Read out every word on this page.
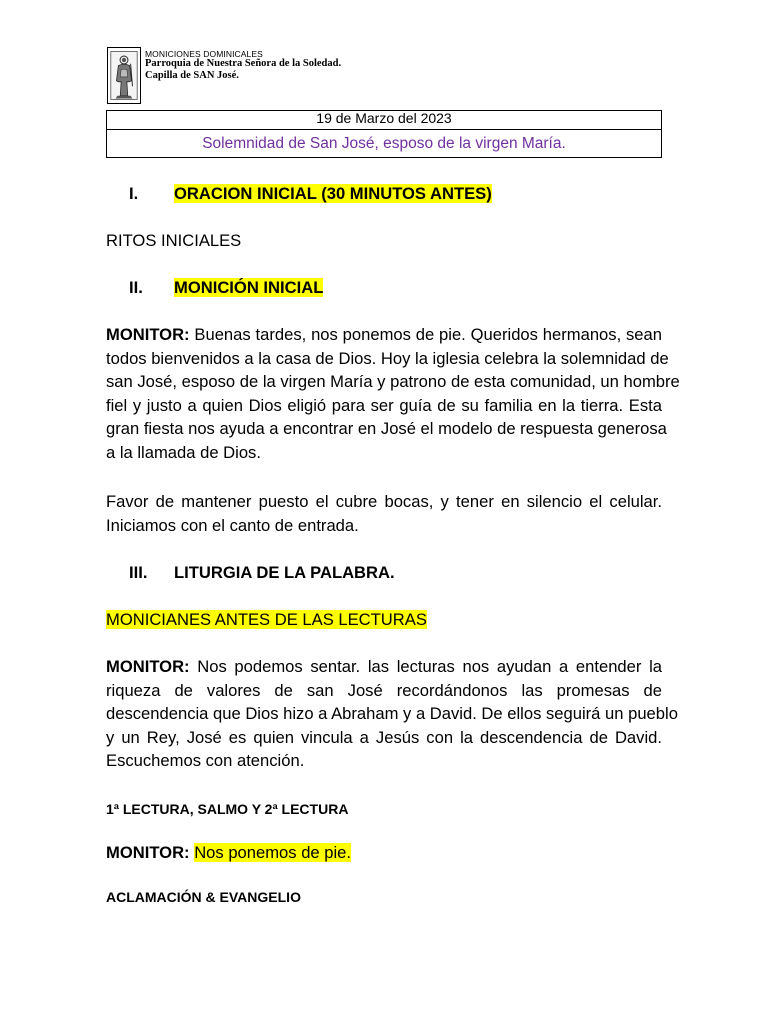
MONICIONES DOMINICALES
Parroquia de Nuestra Señora de la Soledad.
Capilla de SAN José.
19 de Marzo del 2023
Solemnidad de San José, esposo de la virgen María.
I. ORACION INICIAL (30 MINUTOS ANTES)
RITOS INICIALES
II. MONICIÓN INICIAL
MONITOR: Buenas tardes, nos ponemos de pie. Queridos hermanos, sean
todos bienvenidos a la casa de Dios. Hoy la iglesia celebra la solemnidad de
san José, esposo de la virgen María y patrono de esta comunidad, un hombre
fiel y justo a quien Dios eligió para ser guía de su familia en la tierra. Esta
gran fiesta nos ayuda a encontrar en José el modelo de respuesta generosa
a la llamada de Dios.
Favor de mantener puesto el cubre bocas, y tener en silencio el celular.
Iniciamos con el canto de entrada.
III. LITURGIA DE LA PALABRA.
MONICIANES ANTES DE LAS LECTURAS
MONITOR: Nos podemos sentar. las lecturas nos ayudan a entender la
riqueza de valores de san José recordándonos las promesas de
descendencia que Dios hizo a Abraham y a David. De ellos seguirá un pueblo
y un Rey, José es quien vincula a Jesús con la descendencia de David.
Escuchemos con atención.
1ª LECTURA, SALMO Y 2ª LECTURA
MONITOR: Nos ponemos de pie.
ACLAMACIÓN & EVANGELIO
